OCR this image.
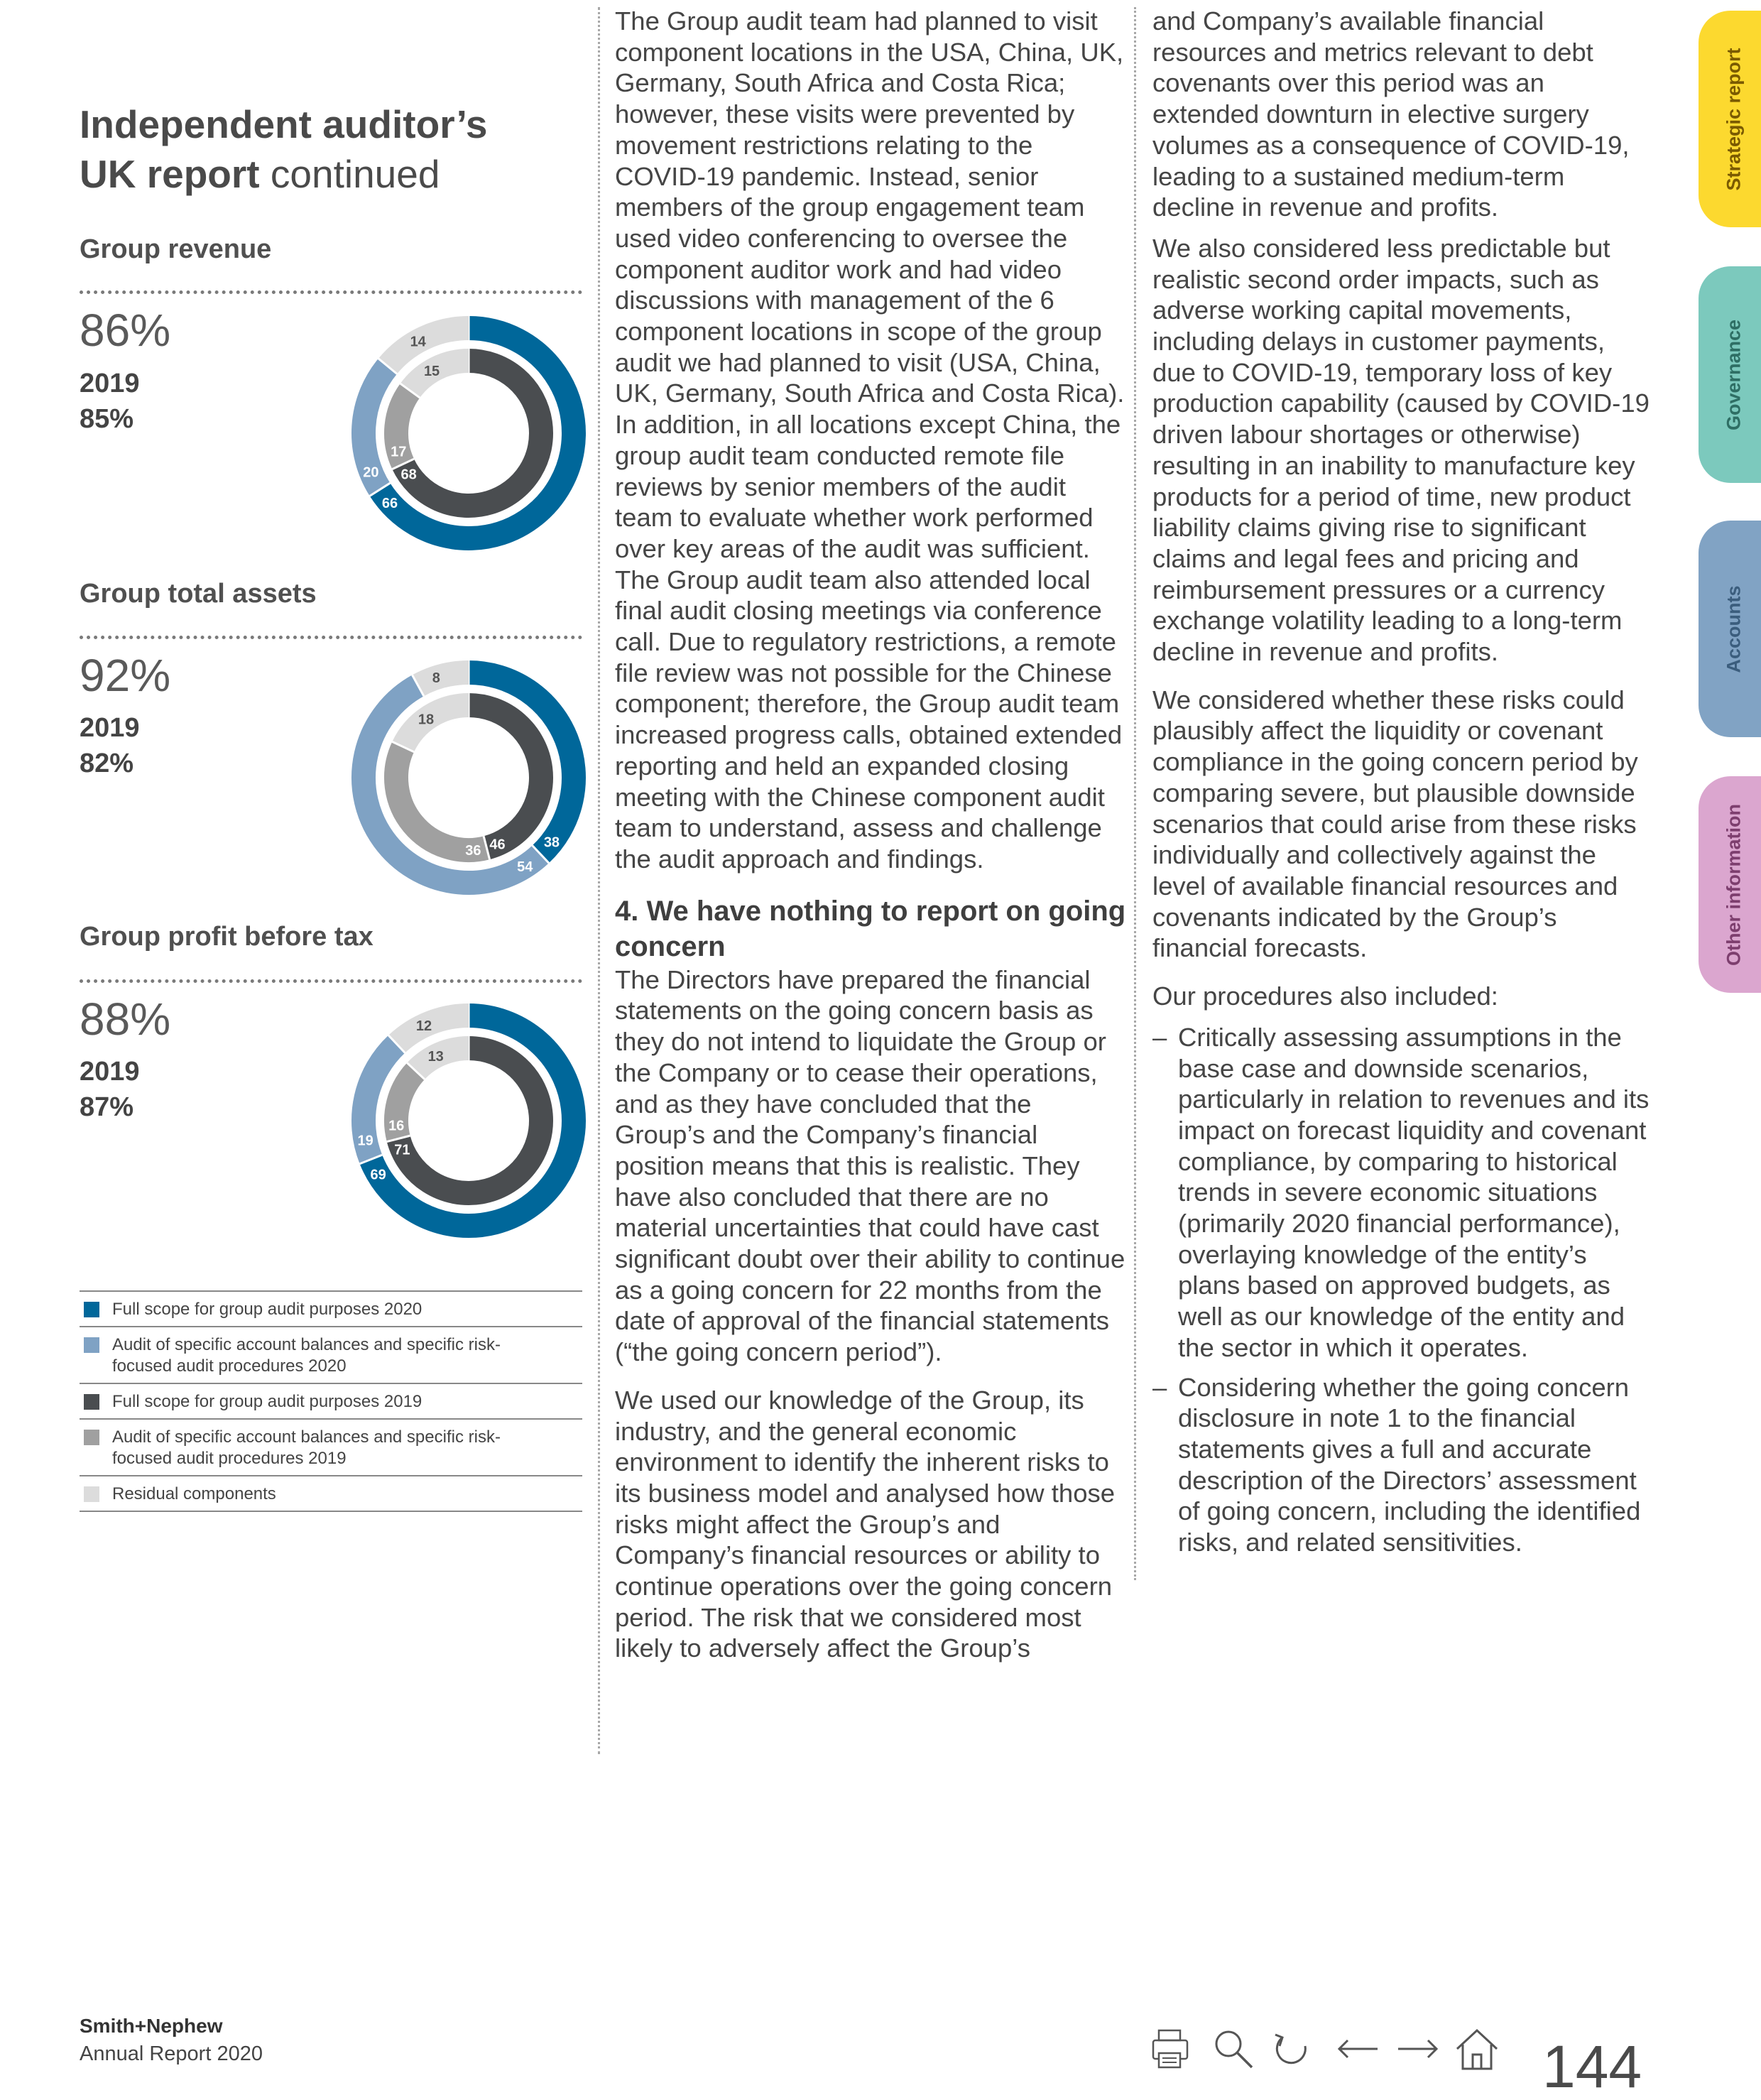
Independent auditor’s
UK report continued
Group revenue
86%
2019
85%
66
20
14
68
17
15
Group total assets
92%
2019
82%
38
54
8
46
36
18
Group profit before tax
88%
2019
87%
69
19
12
71
16
13
Full scope for group audit purposes 2020
Audit of specific account balances and specific risk-focused audit procedures 2020
Full scope for group audit purposes 2019
Audit of specific account balances and specific risk-focused audit procedures 2019
Residual components

The Group audit team had planned to visit component locations in the USA, China, UK, Germany, South Africa and Costa Rica; however, these visits were prevented by movement restrictions relating to the COVID-19 pandemic. Instead, senior members of the group engagement team used video conferencing to oversee the component auditor work and had video discussions with management of the 6 component locations in scope of the group audit we had planned to visit (USA, China, UK, Germany, South Africa and Costa Rica). In addition, in all locations except China, the group audit team conducted remote file reviews by senior members of the audit team to evaluate whether work performed over key areas of the audit was sufficient. The Group audit team also attended local final audit closing meetings via conference call. Due to regulatory restrictions, a remote file review was not possible for the Chinese component; therefore, the Group audit team increased progress calls, obtained extended reporting and held an expanded closing meeting with the Chinese component audit team to understand, assess and challenge the audit approach and findings.

4. We have nothing to report on going concern

The Directors have prepared the financial statements on the going concern basis as they do not intend to liquidate the Group or the Company or to cease their operations, and as they have concluded that the Group’s and the Company’s financial position means that this is realistic. They have also concluded that there are no material uncertainties that could have cast significant doubt over their ability to continue as a going concern for 22 months from the date of approval of the financial statements (“the going concern period”).

We used our knowledge of the Group, its industry, and the general economic environment to identify the inherent risks to its business model and analysed how those risks might affect the Group’s and Company’s financial resources or ability to continue operations over the going concern period. The risk that we considered most likely to adversely affect the Group’s

and Company’s available financial resources and metrics relevant to debt covenants over this period was an extended downturn in elective surgery volumes as a consequence of COVID-19, leading to a sustained medium-term decline in revenue and profits.

We also considered less predictable but realistic second order impacts, such as adverse working capital movements, including delays in customer payments, due to COVID-19, temporary loss of key production capability (caused by COVID-19 driven labour shortages or otherwise) resulting in an inability to manufacture key products for a period of time, new product liability claims giving rise to significant claims and legal fees and pricing and reimbursement pressures or a currency exchange volatility leading to a long-term decline in revenue and profits.

We considered whether these risks could plausibly affect the liquidity or covenant compliance in the going concern period by comparing severe, but plausible downside scenarios that could arise from these risks individually and collectively against the level of available financial resources and covenants indicated by the Group’s financial forecasts.

Our procedures also included:

– Critically assessing assumptions in the base case and downside scenarios, particularly in relation to revenues and its impact on forecast liquidity and covenant compliance, by comparing to historical trends in severe economic situations (primarily 2020 financial performance), overlaying knowledge of the entity’s plans based on approved budgets, as well as our knowledge of the entity and the sector in which it operates.
– Considering whether the going concern disclosure in note 1 to the financial statements gives a full and accurate description of the Directors’ assessment of going concern, including the identified risks, and related sensitivities.
Strategic report
Governance
Accounts
Other information
Smith+Nephew
Annual Report 2020	144
